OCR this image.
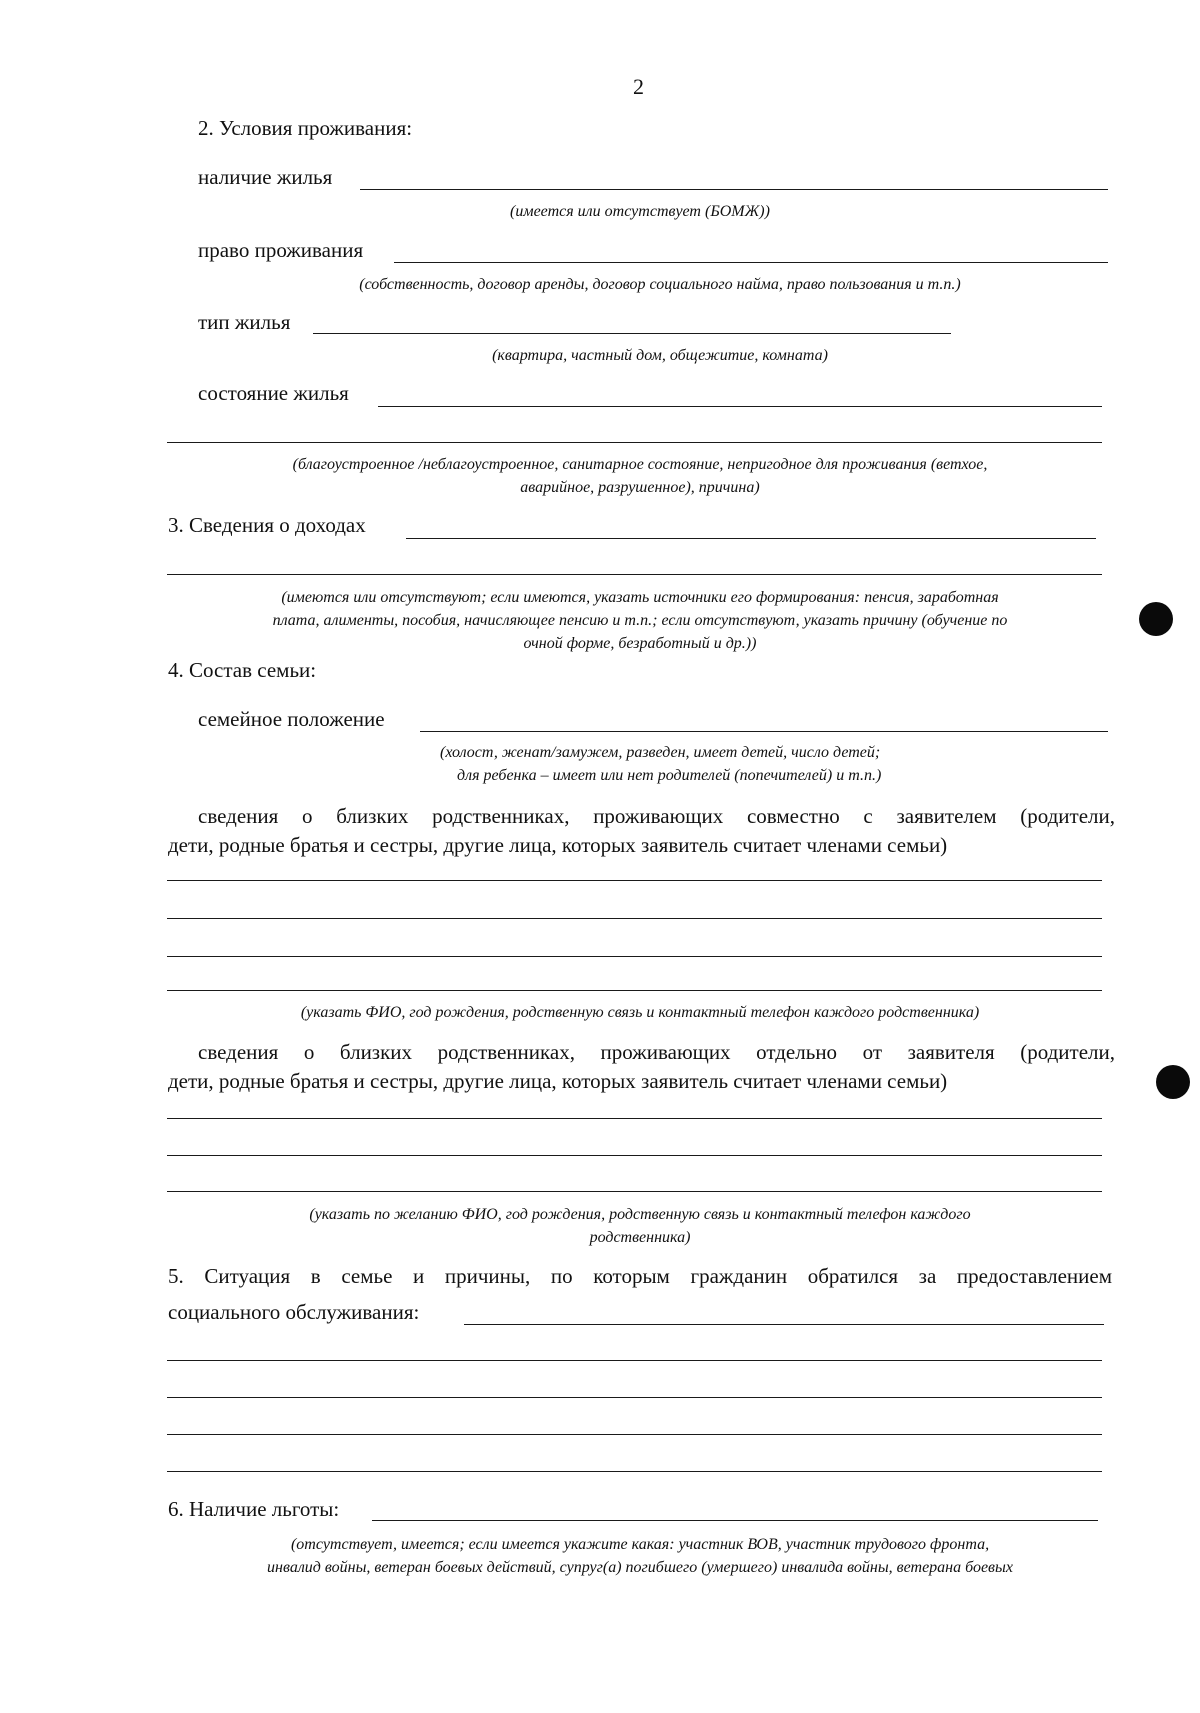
2
2. Условия проживания:
наличие жилья
(имеется или отсутствует (БОМЖ))
право проживания
(собственность, договор аренды, договор социального найма, право пользования и т.п.)
тип жилья
(квартира, частный дом, общежитие, комната)
состояние жилья
(благоустроенное /неблагоустроенное, санитарное состояние, непригодное для проживания (ветхое,
аварийное, разрушенное), причина)
3. Сведения о доходах
(имеются или отсутствуют; если имеются, указать источники его формирования: пенсия, заработная
плата, алименты, пособия, начисляющее пенсию и т.п.; если отсутствуют, указать причину (обучение по
очной форме, безработный и др.))
4. Состав семьи:
семейное положение
(холост, женат/замужем, разведен, имеет детей, число детей;
для ребенка – имеет или нет родителей (попечителей) и т.п.)
сведения о близких родственниках, проживающих совместно с заявителем (родители,
дети, родные братья и сестры, другие лица, которых заявитель считает членами семьи)
(указать ФИО, год рождения, родственную связь и контактный телефон каждого родственника)
сведения о близких родственниках, проживающих отдельно от заявителя (родители,
дети, родные братья и сестры, другие лица, которых заявитель считает членами семьи)
(указать по желанию ФИО, год рождения, родственную связь и контактный телефон каждого
родственника)
5. Ситуация в семье и причины, по которым гражданин обратился за предоставлением
социального обслуживания:
6. Наличие льготы:
(отсутствует, имеется; если имеется укажите какая: участник ВОВ, участник трудового фронта,
инвалид войны, ветеран боевых действий, супруг(а) погибшего (умершего) инвалида войны, ветерана боевых
